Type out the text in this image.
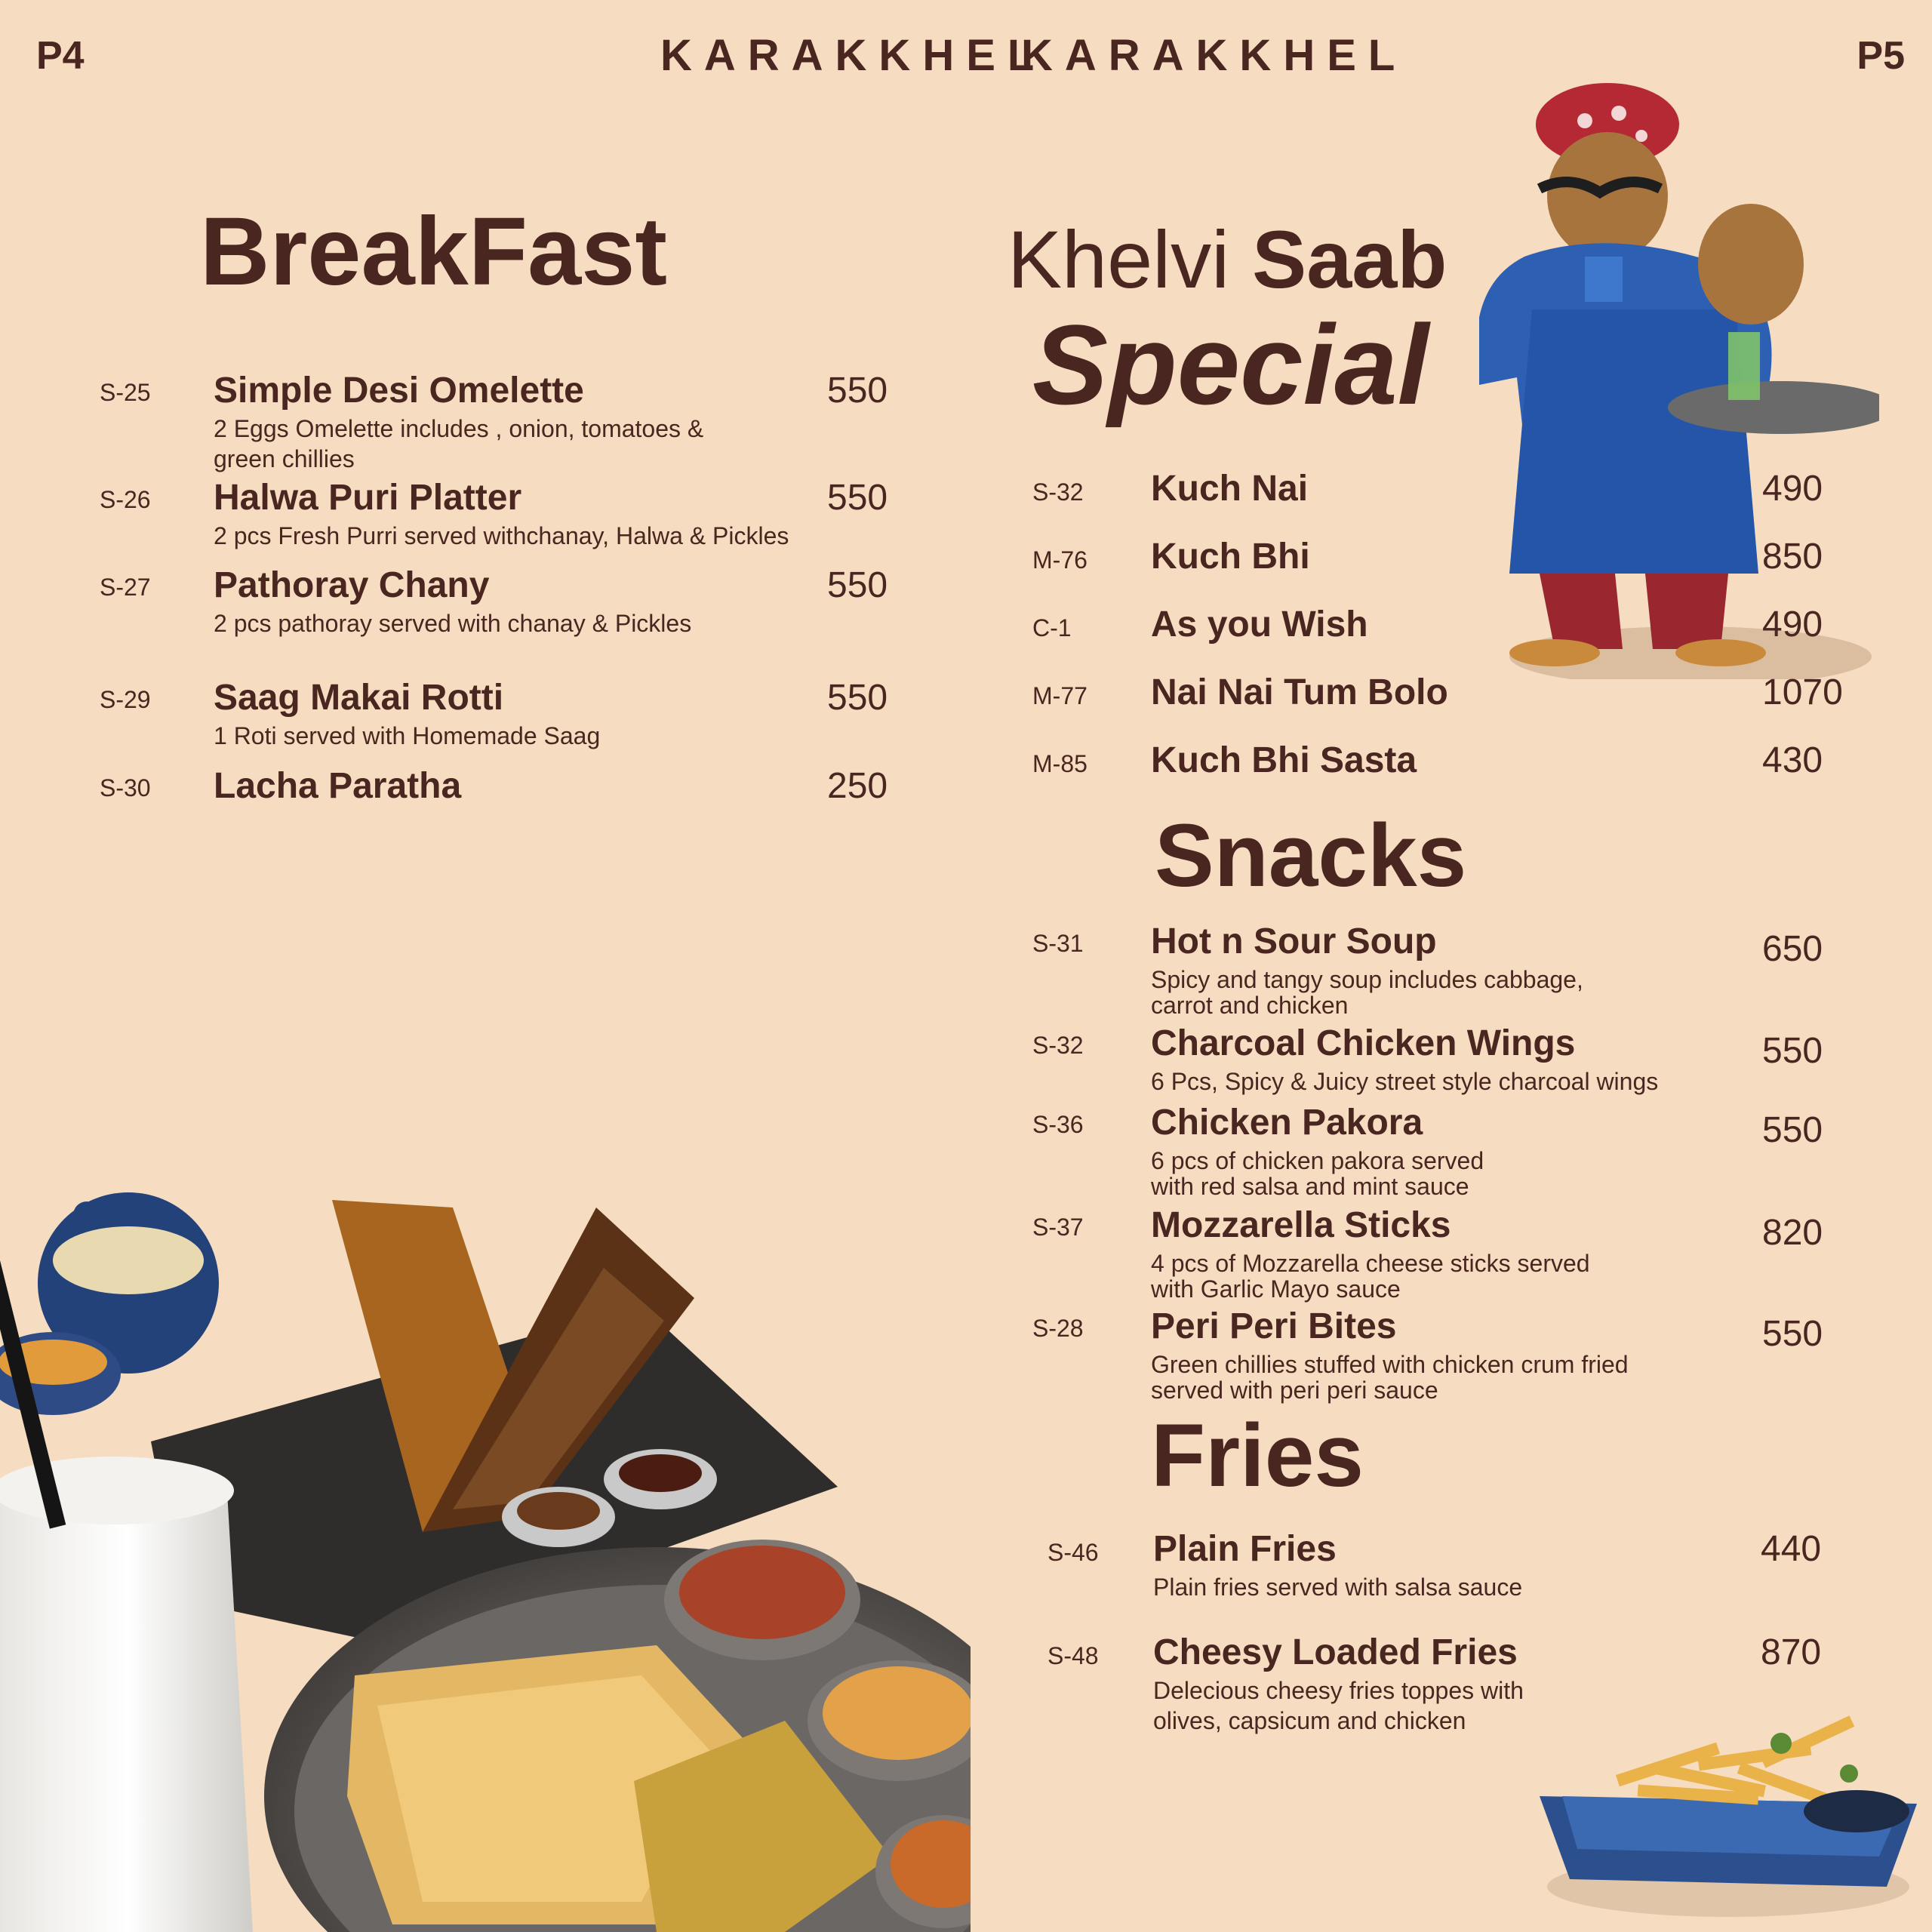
P4	KARAKKHEL
KARAKKHEL	P5
BreakFast	Khelvi Saab
Special
Snacks
Fries
S-25 Simple Desi Omelette	550
2 Eggs Omelette includes , onion, tomatoes &
green chillies
S-26 Halwa Puri Platter	550
2 pcs Fresh Purri served withchanay, Halwa & Pickles
S-27 Pathoray Chany	550
2 pcs pathoray served with chanay & Pickles
S-29 Saag Makai Rotti	550
1 Roti served with Homemade Saag
S-30 Lacha Paratha	250
S-32 Kuch Nai	490
M-76 Kuch Bhi	850
C-1 As you Wish	490
M-77 Nai Nai Tum Bolo	1070
M-85 Kuch Bhi Sasta	430
S-31 Hot n Sour Soup	650
Spicy and tangy soup includes cabbage,
carrot and chicken
S-32 Charcoal Chicken Wings	550
6 Pcs, Spicy & Juicy street style charcoal wings
S-36 Chicken Pakora	550
6 pcs of chicken pakora served
with red salsa and mint sauce
S-37 Mozzarella Sticks	820
4 pcs of Mozzarella cheese sticks served
with Garlic Mayo sauce
S-28 Peri Peri Bites	550
Green chillies stuffed with chicken crum fried
served with peri peri sauce
S-46 Plain Fries	440
Plain fries served with salsa sauce
S-48 Cheesy Loaded Fries	870
Delecious cheesy fries toppes with
olives, capsicum and chicken
